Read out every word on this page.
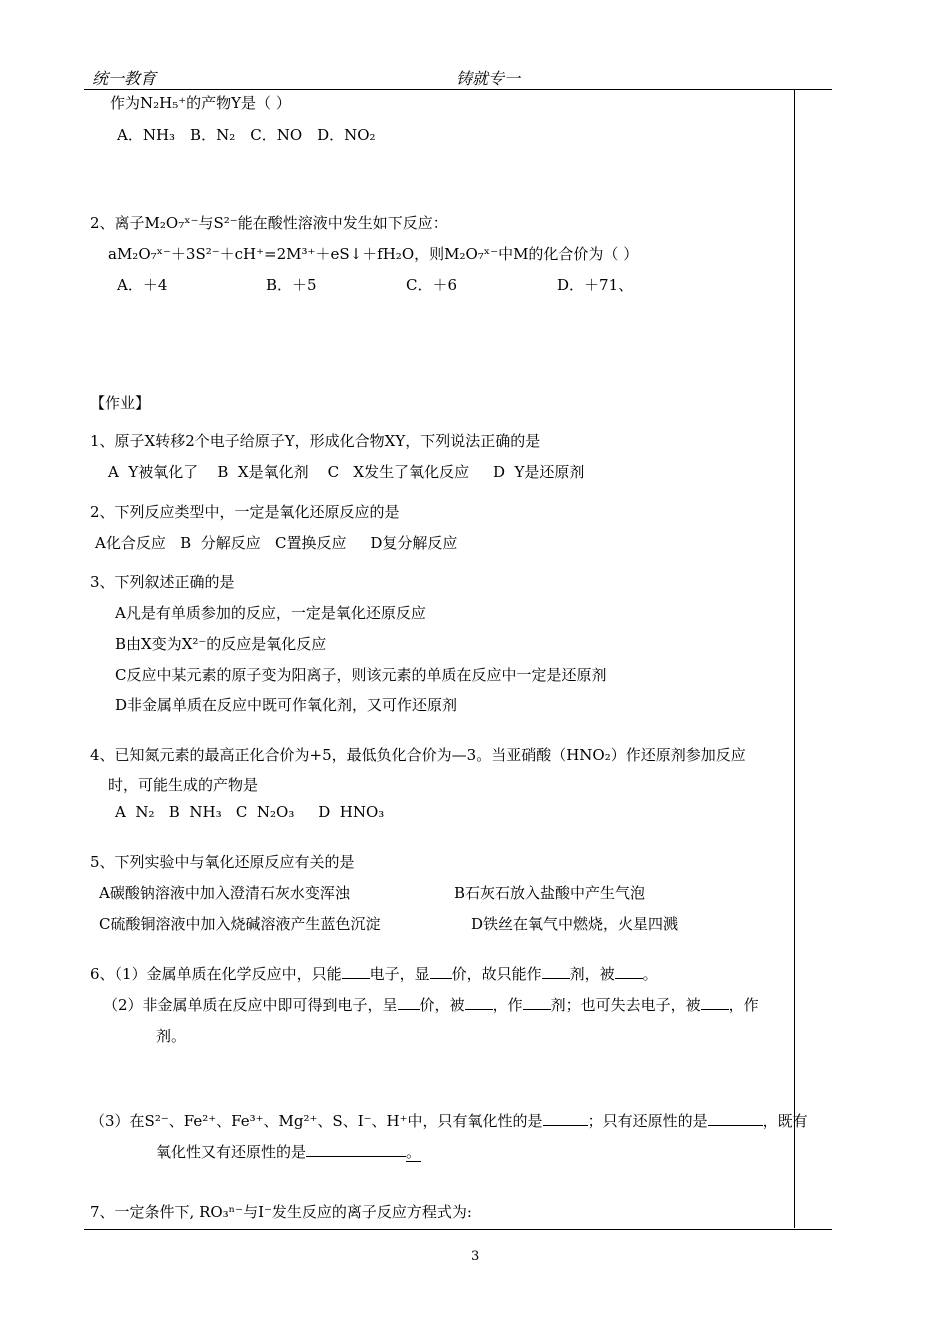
统一教育	铸就专一
作为N₂H₅⁺的产物Y是（ ）
A．NH₃　B．N₂　C．NO　D．NO₂
2、离子M₂O₇ˣ⁻与S²⁻能在酸性溶液中发生如下反应：
aM₂O₇ˣ⁻＋3S²⁻＋cH⁺=2M³⁺＋eS↓＋fH₂O，则M₂O₇ˣ⁻中M的化合价为（ ）
A．＋4	B．＋5	C．＋6	D．＋71、
【作业】
1、原子X转移2个电子给原子Y，形成化合物XY，下列说法正确的是
A  Y被氧化了    B  X是氧化剂    C   X发生了氧化反应     D  Y是还原剂
2、下列反应类型中，一定是氧化还原反应的是
A化合反应   B  分解反应   C置换反应     D复分解反应
3、下列叙述正确的是
A凡是有单质参加的反应，一定是氧化还原反应
B由X变为X²⁻的反应是氧化反应
C反应中某元素的原子变为阳离子，则该元素的单质在反应中一定是还原剂
D非金属单质在反应中既可作氧化剂，又可作还原剂
4、已知氮元素的最高正化合价为+5，最低负化合价为—3。当亚硝酸（HNO₂）作还原剂参加反应
时，可能生成的产物是
A  N₂   B  NH₃   C  N₂O₃     D  HNO₃
5、下列实验中与氧化还原反应有关的是
A碳酸钠溶液中加入澄清石灰水变浑浊	B石灰石放入盐酸中产生气泡
C硫酸铜溶液中加入烧碱溶液产生蓝色沉淀	D铁丝在氧气中燃烧，火星四溅
6、（1）金属单质在化学反应中，只能 电子，显 价，故只能作 剂，被 。
（2）非金属单质在反应中即可得到电子，呈 价，被 ，作 剂；也可失去电子，被 ，作
剂。
（3）在S²⁻、Fe²⁺、Fe³⁺、Mg²⁺、S、I⁻、H⁺中，只有氧化性的是	；只有还原性的是	，既有
氧化性又有还原性的是	。
7、一定条件下, RO₃ⁿ⁻与I⁻发生反应的离子反应方程式为:
3
